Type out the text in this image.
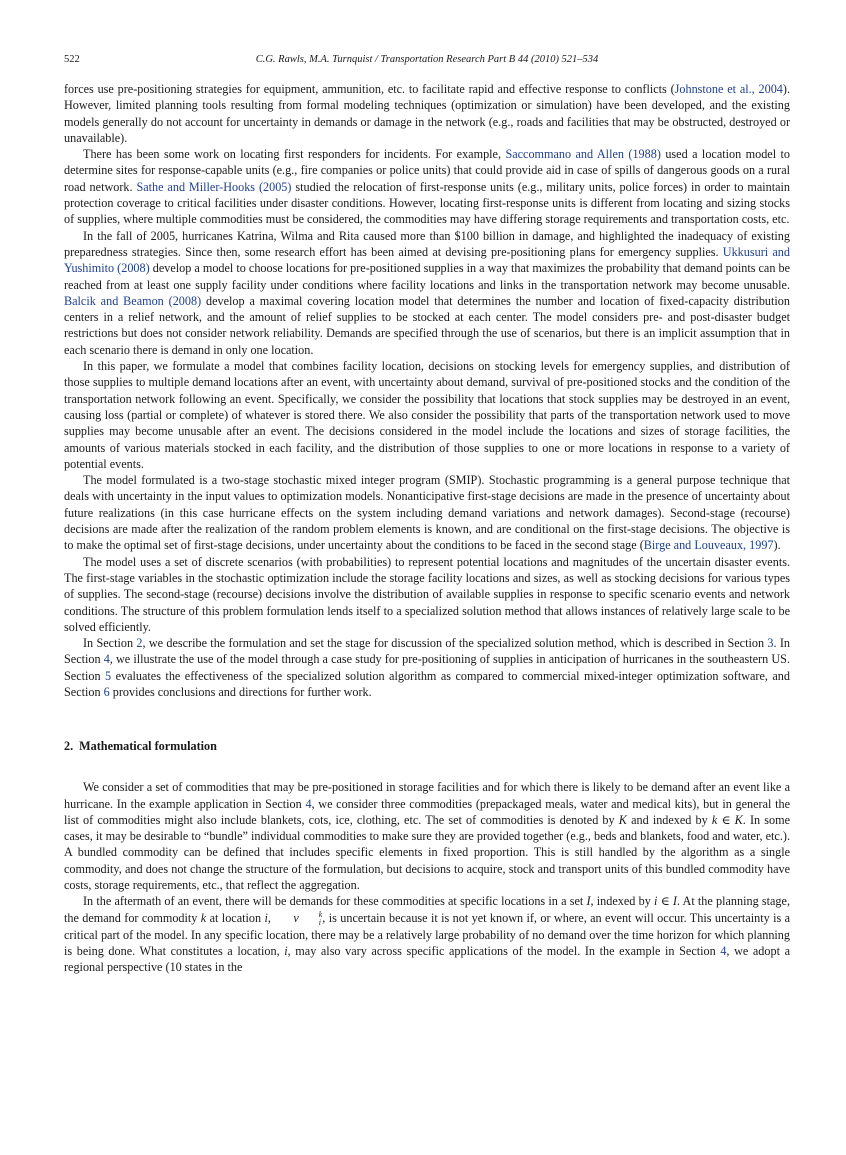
522	C.G. Rawls, M.A. Turnquist / Transportation Research Part B 44 (2010) 521–534

forces use pre-positioning strategies for equipment, ammunition, etc. to facilitate rapid and effective response to conflicts (Johnstone et al., 2004). However, limited planning tools resulting from formal modeling techniques (optimization or simulation) have been developed, and the existing models generally do not account for uncertainty in demands or damage in the network (e.g., roads and facilities that may be obstructed, destroyed or unavailable).

There has been some work on locating first responders for incidents. For example, Saccommano and Allen (1988) used a location model to determine sites for response-capable units (e.g., fire companies or police units) that could provide aid in case of spills of dangerous goods on a rural road network. Sathe and Miller-Hooks (2005) studied the relocation of first-response units (e.g., military units, police forces) in order to maintain protection coverage to critical facilities under disaster conditions. However, locating first-response units is different from locating and sizing stocks of supplies, where multiple commodities must be considered, the commodities may have differing storage requirements and transportation costs, etc.

In the fall of 2005, hurricanes Katrina, Wilma and Rita caused more than $100 billion in damage, and highlighted the inadequacy of existing preparedness strategies. Since then, some research effort has been aimed at devising pre-positioning plans for emergency supplies. Ukkusuri and Yushimito (2008) develop a model to choose locations for pre-positioned supplies in a way that maximizes the probability that demand points can be reached from at least one supply facility under conditions where facility locations and links in the transportation network may become unusable. Balcik and Beamon (2008) develop a maximal covering location model that determines the number and location of fixed-capacity distribution centers in a relief network, and the amount of relief supplies to be stocked at each center. The model considers pre- and post-disaster budget restrictions but does not consider network reliability. Demands are specified through the use of scenarios, but there is an implicit assumption that in each scenario there is demand in only one location.

In this paper, we formulate a model that combines facility location, decisions on stocking levels for emergency supplies, and distribution of those supplies to multiple demand locations after an event, with uncertainty about demand, survival of pre-positioned stocks and the condition of the transportation network following an event. Specifically, we consider the possibility that locations that stock supplies may be destroyed in an event, causing loss (partial or complete) of whatever is stored there. We also consider the possibility that parts of the transportation network used to move supplies may become unusable after an event. The decisions considered in the model include the locations and sizes of storage facilities, the amounts of various materials stocked in each facility, and the distribution of those supplies to one or more locations in response to a variety of potential events.

The model formulated is a two-stage stochastic mixed integer program (SMIP). Stochastic programming is a general purpose technique that deals with uncertainty in the input values to optimization models. Nonanticipative first-stage decisions are made in the presence of uncertainty about future realizations (in this case hurricane effects on the system including demand variations and network damages). Second-stage (recourse) decisions are made after the realization of the random problem elements is known, and are conditional on the first-stage decisions. The objective is to make the optimal set of first-stage decisions, under uncertainty about the conditions to be faced in the second stage (Birge and Louveaux, 1997).

The model uses a set of discrete scenarios (with probabilities) to represent potential locations and magnitudes of the uncertain disaster events. The first-stage variables in the stochastic optimization include the storage facility locations and sizes, as well as stocking decisions for various types of supplies. The second-stage (recourse) decisions involve the distribution of available supplies in response to specific scenario events and network conditions. The structure of this problem formulation lends itself to a specialized solution method that allows instances of relatively large scale to be solved efficiently.

In Section 2, we describe the formulation and set the stage for discussion of the specialized solution method, which is described in Section 3. In Section 4, we illustrate the use of the model through a case study for pre-positioning of supplies in anticipation of hurricanes in the southeastern US. Section 5 evaluates the effectiveness of the specialized solution algorithm as compared to commercial mixed-integer optimization software, and Section 6 provides conclusions and directions for further work.

2. Mathematical formulation

We consider a set of commodities that may be pre-positioned in storage facilities and for which there is likely to be demand after an event like a hurricane. In the example application in Section 4, we consider three commodities (prepackaged meals, water and medical kits), but in general the list of commodities might also include blankets, cots, ice, clothing, etc. The set of commodities is denoted by K and indexed by k ∈ K. In some cases, it may be desirable to “bundle” individual commodities to make sure they are provided together (e.g., beds and blankets, food and water, etc.). A bundled commodity can be defined that includes specific elements in fixed proportion. This is still handled by the algorithm as a single commodity, and does not change the structure of the formulation, but decisions to acquire, stock and transport units of this bundled commodity have costs, storage requirements, etc., that reflect the aggregation.

In the aftermath of an event, there will be demands for these commodities at specific locations in a set I, indexed by i ∈ I. At the planning stage, the demand for commodity k at location i, v	k
i , is uncertain because it is not yet known if, or where, an event will occur. This uncertainty is a critical part of the model. In any specific location, there may be a relatively large probability of no demand over the time horizon for which planning is being done. What constitutes a location, i, may also vary across specific applications of the model. In the example in Section 4, we adopt a regional perspective (10 states in the
